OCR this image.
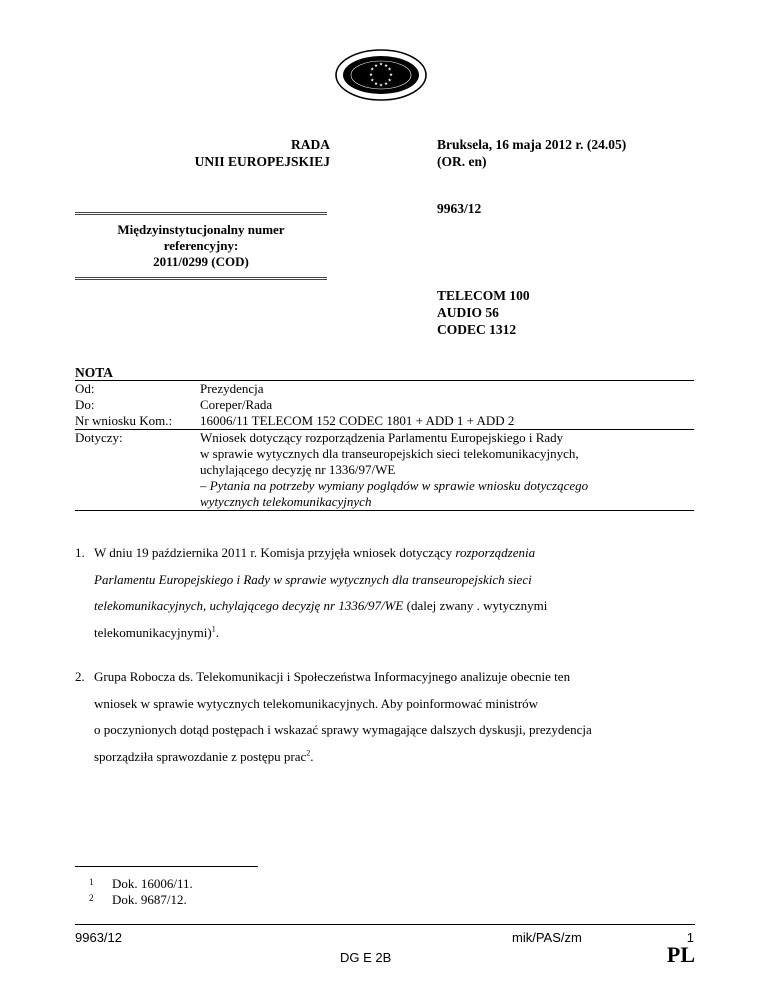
★ ★
★
★
★
★
★
★
★
★
★
★
RADA
UNII EUROPEJSKIEJ
Bruksela, 16 maja 2012 r. (24.05)
(OR. en)
9963/12
Międzyinstytucjonalny numer
referencyjny:
2011/0299 (COD)
TELECOM 100
AUDIO 56
CODEC 1312
NOTA
Od:	Prezydencja
Do:	Coreper/Rada
Nr wniosku Kom.:	16006/11 TELECOM 152 CODEC 1801 + ADD 1 + ADD 2
Dotyczy:	Wniosek dotyczący rozporządzenia Parlamentu Europejskiego i Rady
w sprawie wytycznych dla transeuropejskich sieci telekomunikacyjnych,
uchylającego decyzję nr 1336/97/WE
– Pytania na potrzeby wymiany poglądów w sprawie wniosku dotyczącego
wytycznych telekomunikacyjnych
1. W dniu 19 października 2011 r. Komisja przyjęła wniosek dotyczący rozporządzenia
Parlamentu Europejskiego i Rady w sprawie wytycznych dla transeuropejskich sieci
telekomunikacyjnych, uchylającego decyzję nr 1336/97/WE (dalej zwany . wytycznymi
telekomunikacyjnymi)$^1$.
2. Grupa Robocza ds. Telekomunikacji i Społeczeństwa Informacyjnego analizuje obecnie ten
wniosek w sprawie wytycznych telekomunikacyjnych. Aby poinformować ministrów
o poczynionych dotąd postępach i wskazać sprawy wymagające dalszych dyskusji, prezydencja
sporządziła sprawozdanie z postępu prac$^2$.
1 Dok. 16006/11.
2 Dok. 9687/12.
9963/12	mik/PAS/zm	1
DG E 2B	PL
